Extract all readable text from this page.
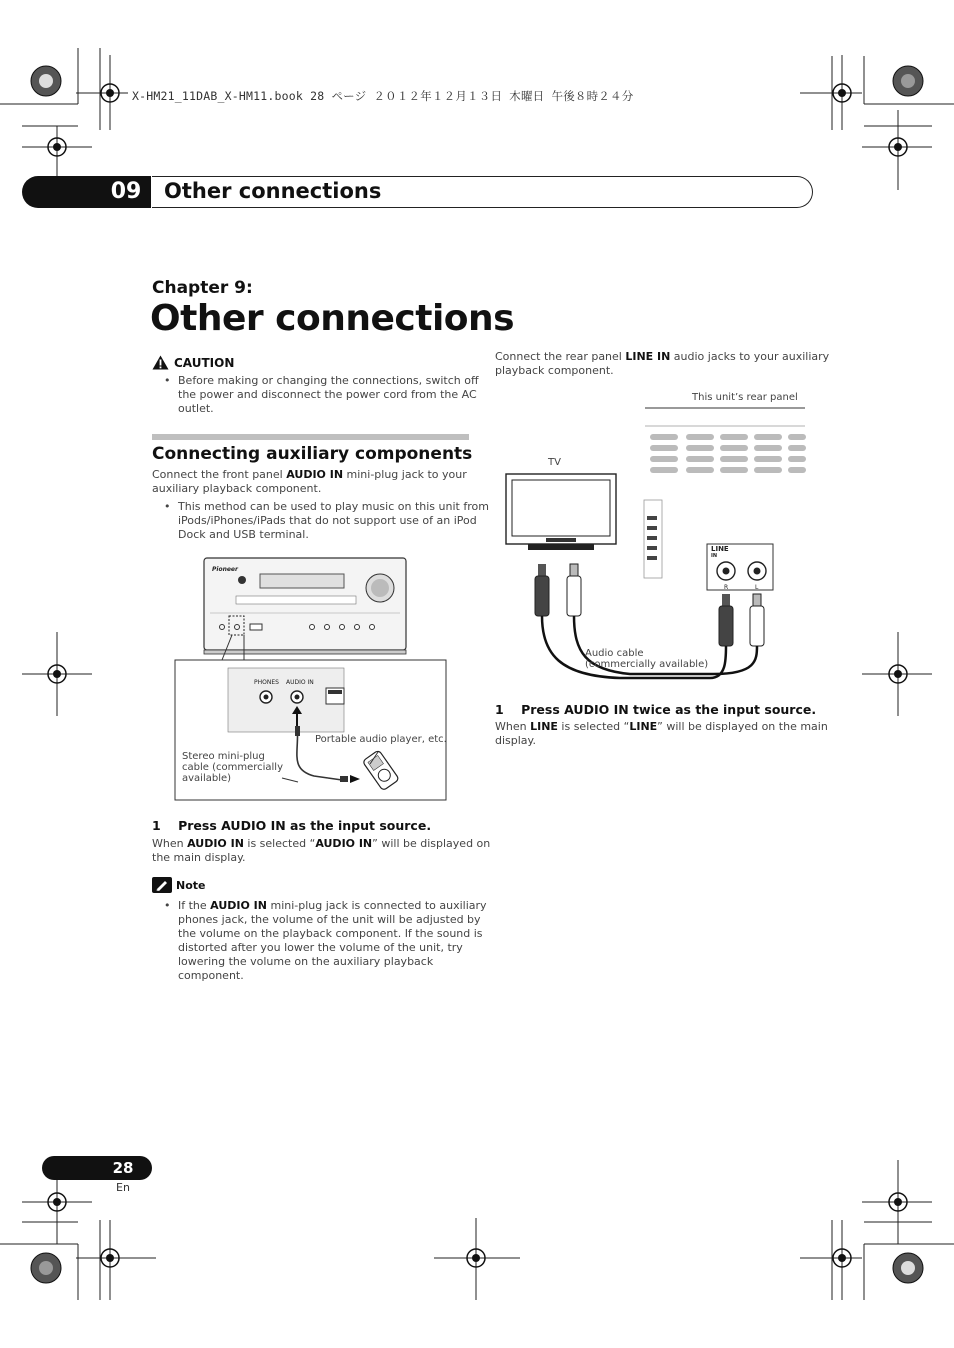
X-HM21_11DAB_X-HM11.book 28 ページ ２０１２年１２月１３日 木曜日 午後８時２４分
09	Other connections
Chapter 9:
Other connections
CAUTION
• Before making or changing the connections, switch off
the power and disconnect the power cord from the AC
outlet.
Connecting auxiliary components
Connect the front panel AUDIO IN mini-plug jack to your
auxiliary playback component.
• This method can be used to play music on this unit from
iPods/iPhones/iPads that do not support use of an iPod
Dock and USB terminal.
Pioneer
PHONES AUDIO IN
Portable audio player, etc.
Stereo mini-plug
cable (commercially
available)
1    Press AUDIO IN as the input source.
When AUDIO IN is selected “AUDIO IN” will be displayed on
the main display.
Note
• If the AUDIO IN mini-plug jack is connected to auxiliary
phones jack, the volume of the unit will be adjusted by
the volume on the playback component. If the sound is
distorted after you lower the volume of the unit, try
lowering the volume on the auxiliary playback
component.
Connect the rear panel LINE IN audio jacks to your auxiliary
playback component.
This unit’s rear panel
TV
LINE
IN
R	L
Audio cable
(commercially available)
1    Press AUDIO IN twice as the input source.
When LINE is selected “LINE” will be displayed on the main
display.
28
En
